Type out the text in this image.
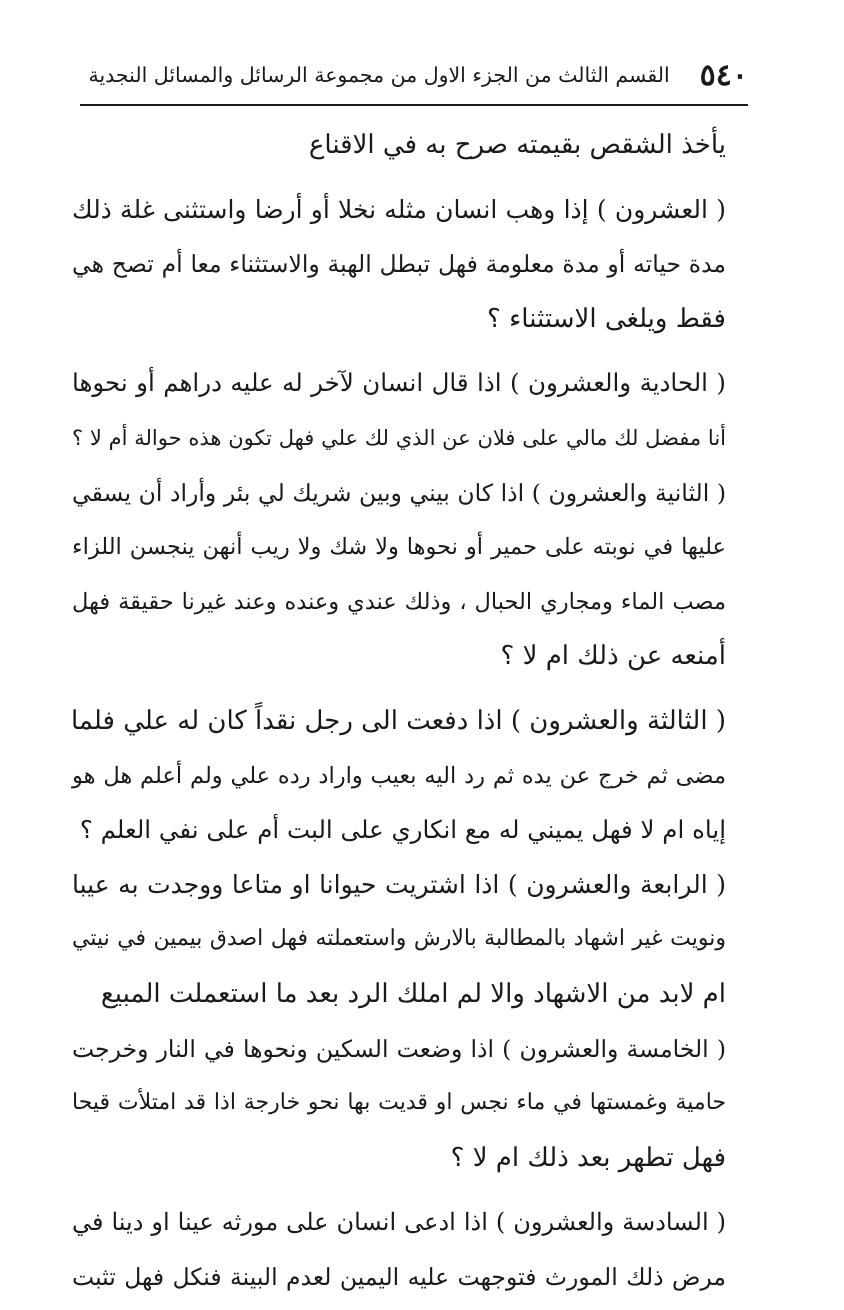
٥٤٠
القسم الثالث من الجزء الاول من مجموعة الرسائل والمسائل النجدية
يأخذ الشقص بقيمته صرح به في الاقناع
( العشرون ) إذا وهب انسان مثله نخلا أو أرضا واستثنى غلة ذلك
مدة حياته أو مدة معلومة فهل تبطل الهبة والاستثناء معا أم تصح هي
فقط ويلغى الاستثناء ؟
( الحادية والعشرون ) اذا قال انسان لآخر له عليه دراهم أو نحوها
أنا مفضل لك مالي على فلان عن الذي لك علي فهل تكون هذه حوالة أم لا ؟
( الثانية والعشرون ) اذا كان بيني وبين شريك لي بئر وأراد أن يسقي
عليها في نوبته على حمير أو نحوها ولا شك ولا ريب أنهن ينجسن اللزاء
مصب الماء ومجاري الحبال ، وذلك عندي وعنده وعند غيرنا حقيقة فهل
أمنعه عن ذلك ام لا ؟
( الثالثة والعشرون ) اذا دفعت الى رجل نقداً كان له علي فلما
مضى ثم خرج عن يده ثم رد اليه بعيب واراد رده علي ولم أعلم هل هو
إياه ام لا فهل يميني له مع انكاري على البت أم على نفي العلم ؟
( الرابعة والعشرون ) اذا اشتريت حيوانا او متاعا ووجدت به عيبا
ونويت غير اشهاد بالمطالبة بالارش واستعملته فهل اصدق بيمين في نيتي
ام لابد من الاشهاد والا لم املك الرد بعد ما استعملت المبيع
( الخامسة والعشرون ) اذا وضعت السكين ونحوها في النار وخرجت
حامية وغمستها في ماء نجس او قديت بها نحو خارجة اذا قد امتلأت قيحا
فهل تطهر بعد ذلك ام لا ؟
( السادسة والعشرون ) اذا ادعى انسان على مورثه عينا او دينا في
مرض ذلك المورث فتوجهت عليه اليمين لعدم البينة فنكل فهل تثبت
